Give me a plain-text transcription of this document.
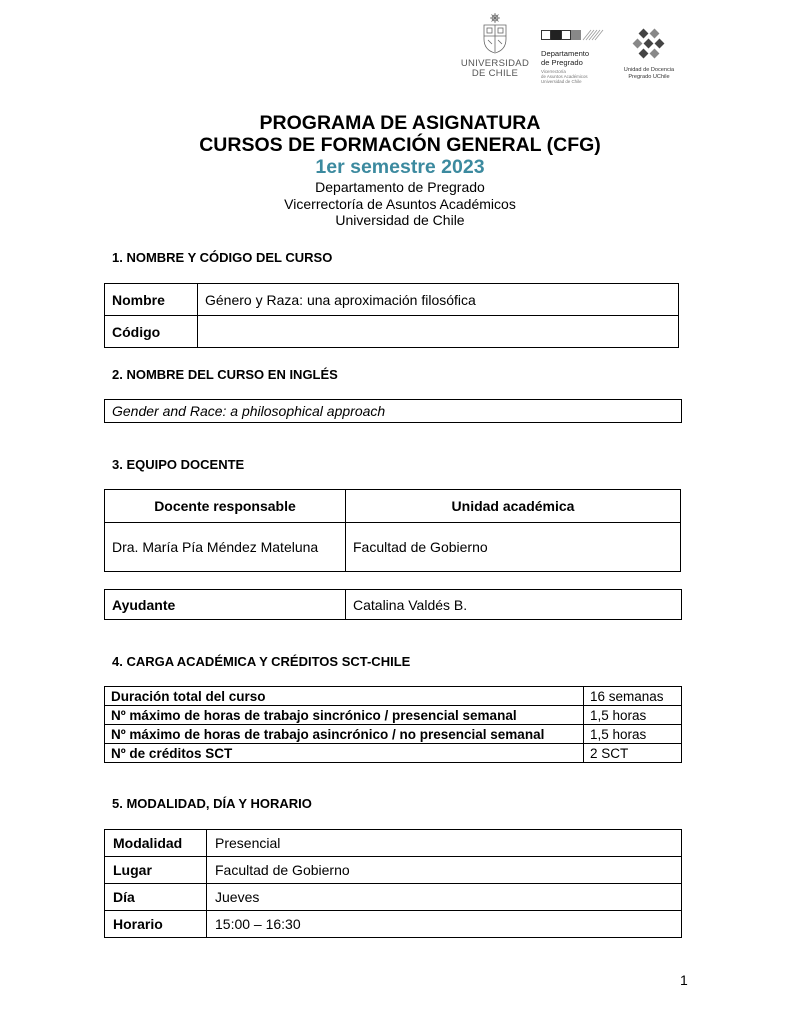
UNIVERSIDAD
DE CHILE
Departamento
de Pregrado
Vicerrectoría
de Asuntos Académicos
Universidad de Chile
Unidad de Docencia
Pregrado UChile
PROGRAMA DE ASIGNATURA
CURSOS DE FORMACIÓN GENERAL (CFG)
1er semestre 2023
Departamento de Pregrado
Vicerrectoría de Asuntos Académicos
Universidad de Chile
1. NOMBRE Y CÓDIGO DEL CURSO
Nombre	Género y Raza: una aproximación filosófica
Código	
2. NOMBRE DEL CURSO EN INGLÉS
Gender and Race: a philosophical approach
3. EQUIPO DOCENTE
Docente responsable	Unidad académica
Dra. María Pía Méndez Mateluna	Facultad de Gobierno
Ayudante	Catalina Valdés B.
4. CARGA ACADÉMICA Y CRÉDITOS SCT-CHILE
Duración total del curso	16 semanas
Nº máximo de horas de trabajo sincrónico / presencial semanal	1,5 horas
Nº máximo de horas de trabajo asincrónico / no presencial semanal	1,5 horas
Nº de créditos SCT	2 SCT
5. MODALIDAD, DÍA Y HORARIO
Modalidad	Presencial
Lugar	Facultad de Gobierno
Día	Jueves
Horario	15:00 – 16:30
1
